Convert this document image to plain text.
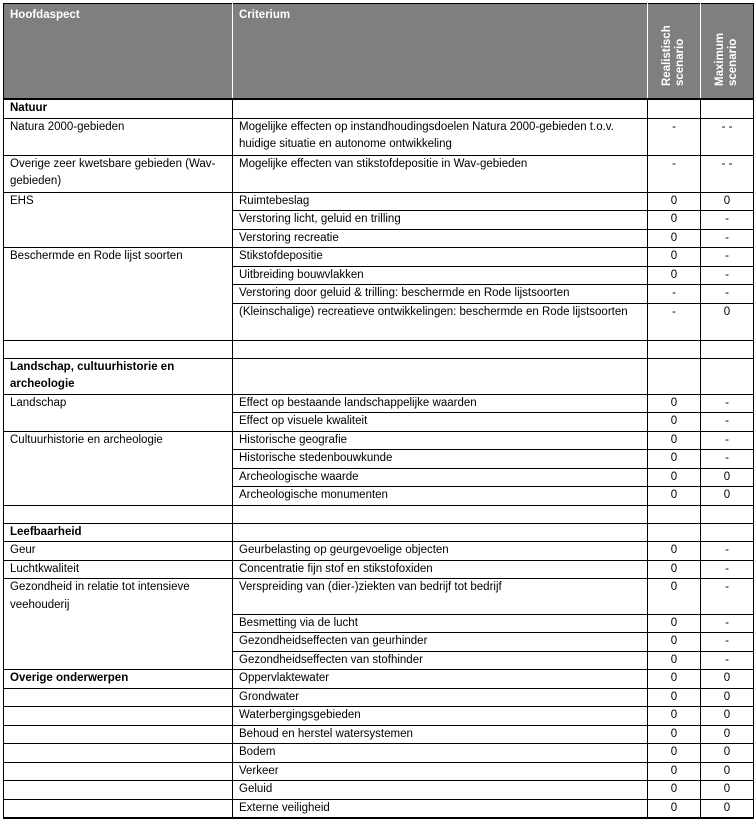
Hoofdaspect	Criterium	Realistisch scenario	Maximum scenario
Natuur			
Natura 2000-gebieden	Mogelijke effecten op instandhoudingsdoelen Natura 2000-gebieden t.o.v. huidige situatie en autonome ontwikkeling	-	- -
Overige zeer kwetsbare gebieden (Wav-gebieden)	Mogelijke effecten van stikstofdepositie in Wav-gebieden	-	- -
EHS	Ruimtebeslag	0	0
	Verstoring licht, geluid en trilling	0	-
	Verstoring recreatie	0	-
Beschermde en Rode lijst soorten	Stikstofdepositie	0	-
	Uitbreiding bouwvlakken	0	-
	Verstoring door geluid & trilling: beschermde en Rode lijstsoorten	-	-
	(Kleinschalige) recreatieve ontwikkelingen: beschermde en Rode lijstsoorten	-	0

Landschap, cultuurhistorie en archeologie			
Landschap	Effect op bestaande landschappelijke waarden	0	-
	Effect op visuele kwaliteit	0	-
Cultuurhistorie en archeologie	Historische geografie	0	-
	Historische stedenbouwkunde	0	-
	Archeologische waarde	0	0
	Archeologische monumenten	0	0

Leefbaarheid			
Geur	Geurbelasting op geurgevoelige objecten	0	-
Luchtkwaliteit	Concentratie fijn stof en stikstofoxiden	0	-
Gezondheid in relatie tot intensieve veehouderij	Verspreiding van (dier-)ziekten van bedrijf tot bedrijf	0	-
	Besmetting via de lucht	0	-
	Gezondheidseffecten van geurhinder	0	-
	Gezondheidseffecten van stofhinder	0	-
Overige onderwerpen	Oppervlaktewater	0	0
	Grondwater	0	0
	Waterbergingsgebieden	0	0
	Behoud en herstel watersystemen	0	0
	Bodem	0	0
	Verkeer	0	0
	Geluid	0	0
	Externe veiligheid	0	0
